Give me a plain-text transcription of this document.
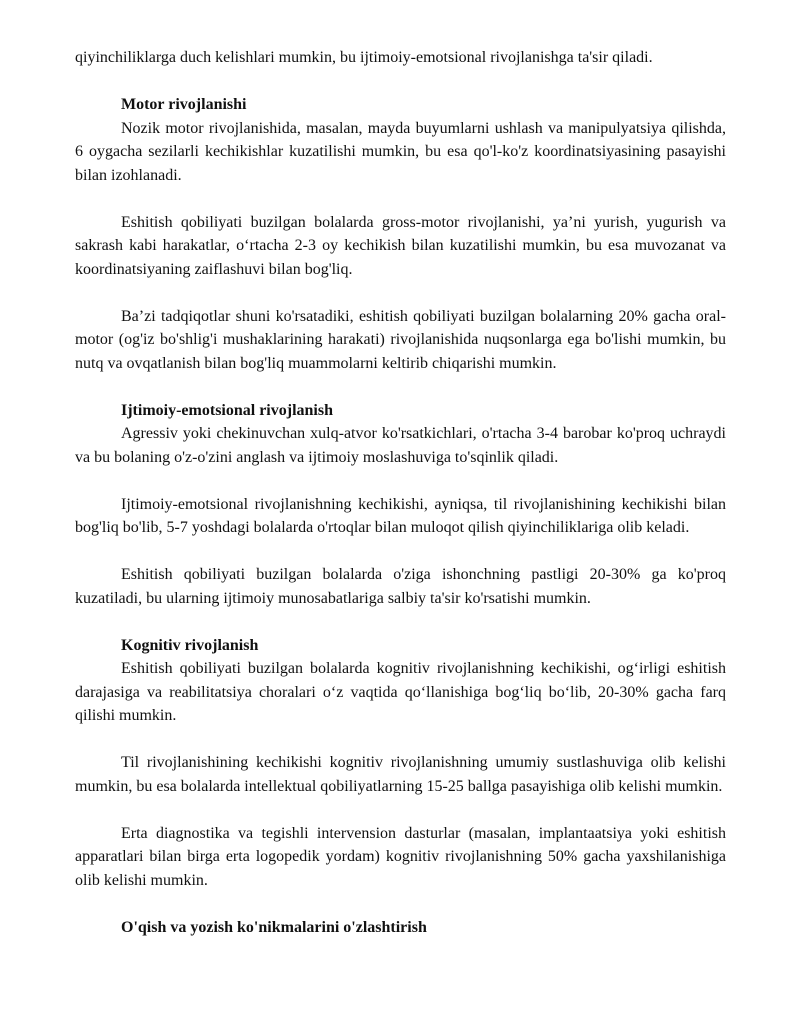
qiyinchiliklarga duch kelishlari mumkin, bu ijtimoiy-emotsional rivojlanishga ta'sir qiladi.

Motor rivojlanishi

Nozik motor rivojlanishida, masalan, mayda buyumlarni ushlash va manipulyatsiya qilishda, 6 oygacha sezilarli kechikishlar kuzatilishi mumkin, bu esa qo'l-ko'z koordinatsiyasining pasayishi bilan izohlanadi.

Eshitish qobiliyati buzilgan bolalarda gross-motor rivojlanishi, ya’ni yurish, yugurish va sakrash kabi harakatlar, oʻrtacha 2-3 oy kechikish bilan kuzatilishi mumkin, bu esa muvozanat va koordinatsiyaning zaiflashuvi bilan bog'liq.

Ba’zi tadqiqotlar shuni ko'rsatadiki, eshitish qobiliyati buzilgan bolalarning 20% gacha oral-motor (og'iz bo'shlig'i mushaklarining harakati) rivojlanishida nuqsonlarga ega bo'lishi mumkin, bu nutq va ovqatlanish bilan bog'liq muammolarni keltirib chiqarishi mumkin.

Ijtimoiy-emotsional rivojlanish

Agressiv yoki chekinuvchan xulq-atvor ko'rsatkichlari, o'rtacha 3-4 barobar ko'proq uchraydi va bu bolaning o'z-o'zini anglash va ijtimoiy moslashuviga to'sqinlik qiladi.

Ijtimoiy-emotsional rivojlanishning kechikishi, ayniqsa, til rivojlanishining kechikishi bilan bog'liq bo'lib, 5-7 yoshdagi bolalarda o'rtoqlar bilan muloqot qilish qiyinchiliklariga olib keladi.

Eshitish qobiliyati buzilgan bolalarda o'ziga ishonchning pastligi 20-30% ga ko'proq kuzatiladi, bu ularning ijtimoiy munosabatlariga salbiy ta'sir ko'rsatishi mumkin.

Kognitiv rivojlanish

Eshitish qobiliyati buzilgan bolalarda kognitiv rivojlanishning kechikishi, ogʻirligi eshitish darajasiga va reabilitatsiya choralari oʻz vaqtida qoʻllanishiga bogʻliq boʻlib, 20-30% gacha farq qilishi mumkin.

Til rivojlanishining kechikishi kognitiv rivojlanishning umumiy sustlashuviga olib kelishi mumkin, bu esa bolalarda intellektual qobiliyatlarning 15-25 ballga pasayishiga olib kelishi mumkin.

Erta diagnostika va tegishli intervension dasturlar (masalan, implantaatsiya yoki eshitish apparatlari bilan birga erta logopedik yordam) kognitiv rivojlanishning 50% gacha yaxshilanishiga olib kelishi mumkin.

O'qish va yozish ko'nikmalarini o'zlashtirish
